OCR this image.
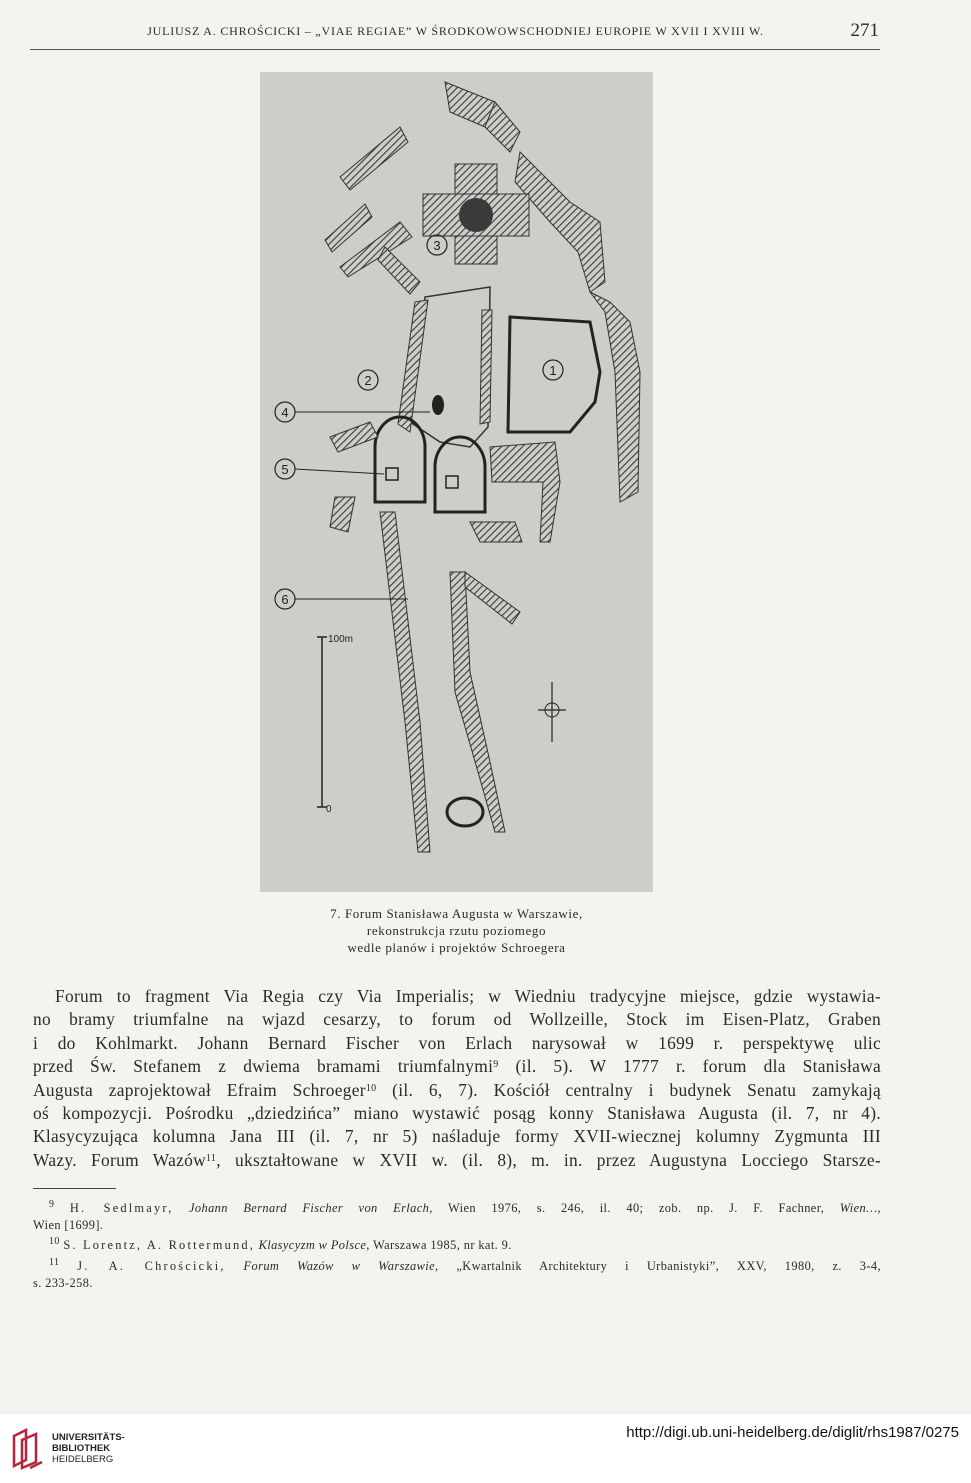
JULIUSZ A. CHROŚCICKI – „VIAE REGIAE” W ŚRODKOWOWSCHODNIEJ EUROPIE W XVII I XVIII W.	271
100m
0
1
2
3
4
5
6
7. Forum Stanisława Augusta w Warszawie,
rekonstrukcja rzutu poziomego
wedle planów i projektów Schroegera
Forum to fragment Via Regia czy Via Imperialis; w Wiedniu tradycyjne miejsce, gdzie wystawia-
no bramy triumfalne na wjazd cesarzy, to forum od Wollzeille, Stock im Eisen-Platz, Graben
i do Kohlmarkt. Johann Bernard Fischer von Erlach narysował w 1699 r. perspektywę ulic
przed Św. Stefanem z dwiema bramami triumfalnymi$^9$ (il. 5). W 1777 r. forum dla Stanisława
Augusta zaprojektował Efraim Schroeger$^{10}$ (il. 6, 7). Kościół centralny i budynek Senatu zamykają
oś kompozycji. Pośrodku „dziedzińca” miano wystawić posąg konny Stanisława Augusta (il. 7, nr 4).
Klasycyzująca kolumna Jana III (il. 7, nr 5) naśladuje formy XVII-wiecznej kolumny Zygmunta III
Wazy. Forum Wazów$^{11}$, ukształtowane w XVII w. (il. 8), m. in. przez Augustyna Locciego Starsze-
$^9$ H. Sedlmayr, Johann Bernard Fischer von Erlach, Wien 1976, s. 246, il. 40; zob. np. J. F. Fachner, Wien…,
Wien [1699].
$^{10}$ S. Lorentz, A. Rottermund, Klasycyzm w Polsce, Warszawa 1985, nr kat. 9.
$^{11}$ J. A. Chrościcki, Forum Wazów w Warszawie, „Kwartalnik Architektury i Urbanistyki”, XXV, 1980, z. 3-4,
s. 233-258.
UNIVERSITÄTS-
BIBLIOTHEK
HEIDELBERG
http://digi.ub.uni-heidelberg.de/diglit/rhs1987/0275
